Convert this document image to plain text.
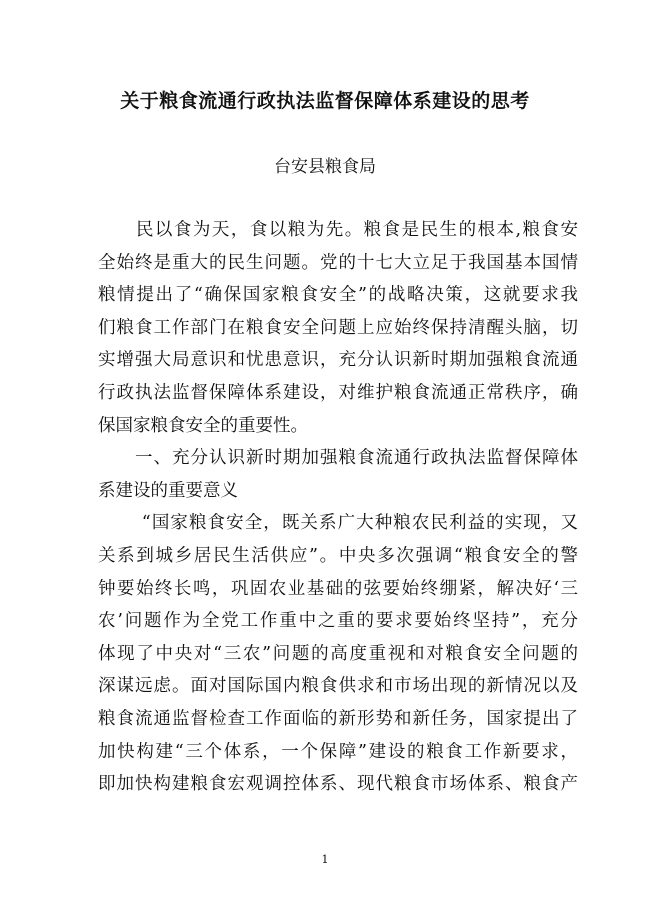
关于粮食流通行政执法监督保障体系建设的思考
台安县粮食局
　　民以食为天，食以粮为先。粮食是民生的根本,粮食安
全始终是重大的民生问题。党的十七大立足于我国基本国情
粮情提出了“确保国家粮食安全”的战略决策，这就要求我
们粮食工作部门在粮食安全问题上应始终保持清醒头脑，切
实增强大局意识和忧患意识，充分认识新时期加强粮食流通
行政执法监督保障体系建设，对维护粮食流通正常秩序，确
保国家粮食安全的重要性。
　　一、充分认识新时期加强粮食流通行政执法监督保障体
系建设的重要意义
　　 “国家粮食安全，既关系广大种粮农民利益的实现，又
关系到城乡居民生活供应”。中央多次强调“粮食安全的警
钟要始终长鸣，巩固农业基础的弦要始终绷紧，解决好‘三
农’问题作为全党工作重中之重的要求要始终坚持”，充分
体现了中央对“三农”问题的高度重视和对粮食安全问题的
深谋远虑。面对国际国内粮食供求和市场出现的新情况以及
粮食流通监督检查工作面临的新形势和新任务，国家提出了
加快构建“三个体系，一个保障”建设的粮食工作新要求，
即加快构建粮食宏观调控体系、现代粮食市场体系、粮食产
1
